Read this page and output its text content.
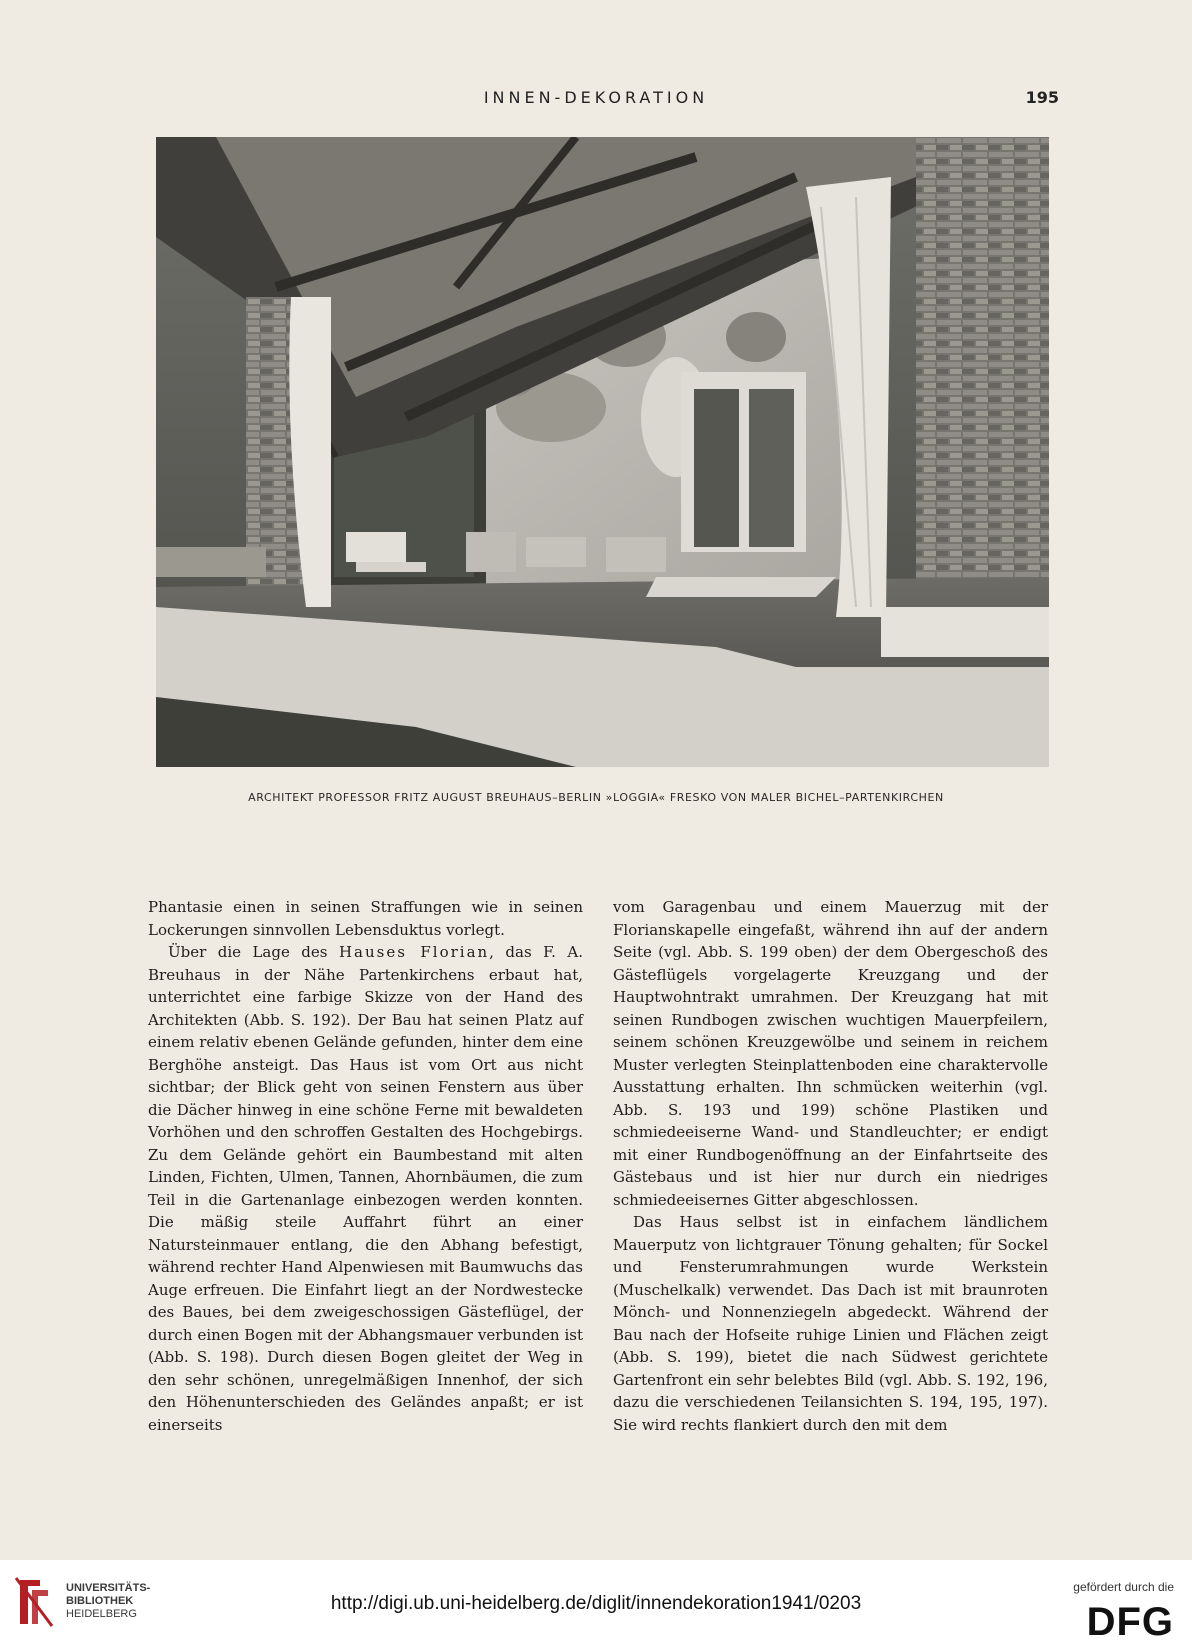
INNEN-DEKORATION	195
ARCHITEKT PROFESSOR FRITZ AUGUST BREUHAUS–BERLIN »LOGGIA« FRESKO VON MALER BICHEL–PARTENKIRCHEN

Phantasie einen in seinen Straffungen wie in seinen Lockerungen sinnvollen Lebensduktus vorlegt.

Über die Lage des Hauses Florian, das F. A. Breuhaus in der Nähe Partenkirchens erbaut hat, unterrichtet eine farbige Skizze von der Hand des Architekten (Abb. S. 192). Der Bau hat seinen Platz auf einem relativ ebenen Gelände gefunden, hinter dem eine Berghöhe ansteigt. Das Haus ist vom Ort aus nicht sichtbar; der Blick geht von seinen Fenstern aus über die Dächer hinweg in eine schöne Ferne mit bewaldeten Vorhöhen und den schroffen Gestalten des Hochgebirgs. Zu dem Gelände gehört ein Baumbestand mit alten Linden, Fichten, Ulmen, Tannen, Ahornbäumen, die zum Teil in die Gartenanlage einbezogen werden konnten. Die mäßig steile Auffahrt führt an einer Natursteinmauer entlang, die den Abhang befestigt, während rechter Hand Alpenwiesen mit Baumwuchs das Auge erfreuen. Die Einfahrt liegt an der Nordwestecke des Baues, bei dem zweigeschossigen Gästeflügel, der durch einen Bogen mit der Abhangsmauer verbunden ist (Abb. S. 198). Durch diesen Bogen gleitet der Weg in den sehr schönen, unregelmäßigen Innenhof, der sich den Höhenunterschieden des Geländes anpaßt; er ist einerseits

vom Garagenbau und einem Mauerzug mit der Florianskapelle eingefaßt, während ihn auf der andern Seite (vgl. Abb. S. 199 oben) der dem Obergeschoß des Gästeflügels vorgelagerte Kreuzgang und der Hauptwohntrakt umrahmen. Der Kreuzgang hat mit seinen Rundbogen zwischen wuchtigen Mauerpfeilern, seinem schönen Kreuzgewölbe und seinem in reichem Muster verlegten Steinplattenboden eine charaktervolle Ausstattung erhalten. Ihn schmücken weiterhin (vgl. Abb. S. 193 und 199) schöne Plastiken und schmiedeeiserne Wand- und Standleuchter; er endigt mit einer Rundbogenöffnung an der Einfahrtseite des Gästebaus und ist hier nur durch ein niedriges schmiedeeisernes Gitter abgeschlossen.

Das Haus selbst ist in einfachem ländlichem Mauerputz von lichtgrauer Tönung gehalten; für Sockel und Fensterumrahmungen wurde Werkstein (Muschelkalk) verwendet. Das Dach ist mit braunroten Mönch- und Nonnenziegeln abgedeckt. Während der Bau nach der Hofseite ruhige Linien und Flächen zeigt (Abb. S. 199), bietet die nach Südwest gerichtete Gartenfront ein sehr belebtes Bild (vgl. Abb. S. 192, 196, dazu die verschiedenen Teilansichten S. 194, 195, 197). Sie wird rechts flankiert durch den mit dem

UNIVERSITÄTS-
BIBLIOTHEK
HEIDELBERG	http://digi.ub.uni-heidelberg.de/diglit/innendekoration1941/0203
gefördert durch die
DFG
